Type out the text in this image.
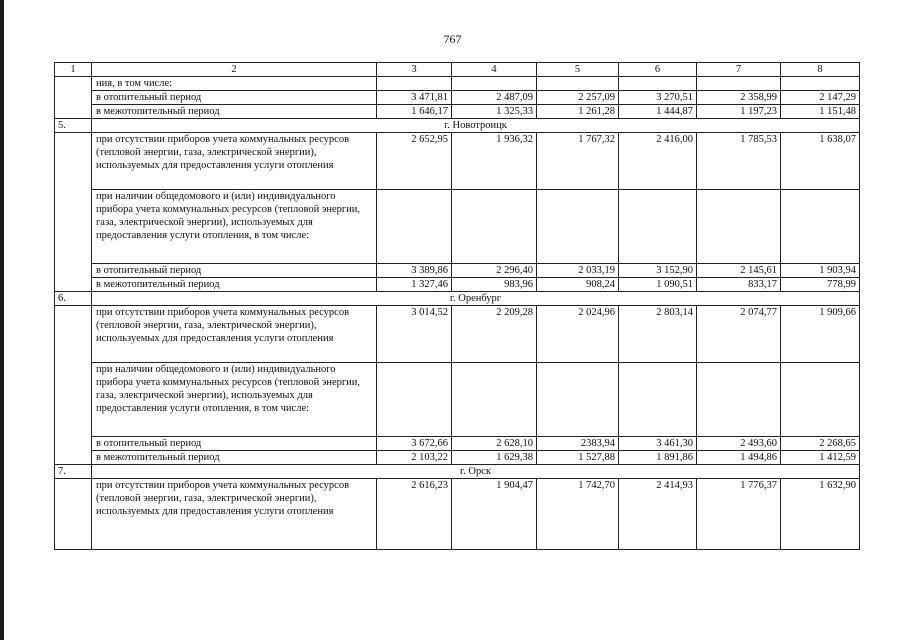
767
1	2	3	4	5	6	7	8
	ния, в том числе:						
	в отопительный период	3 471,81	2 487,09	2 257,09	3 270,51	2 358,99	2 147,29
	в межотопительный период	1 646,17	1 325,33	1 261,28	1 444,87	1 197,23	1 151,48
5.	г. Новотроицк						
	при отсутствии приборов учета коммунальных ресурсов (тепловой энергии, газа, электрической энергии), используемых для предоставления услуги отопления	2 652,95	1 936,32	1 767,32	2 416,00	1 785,53	1 638,07
	при наличии общедомового и (или) индивидуального прибора учета коммунальных ресурсов (тепловой энергии, газа, электрической энергии), используемых для предоставления услуги отопления, в том числе:						
	в отопительный период	3 389,86	2 296,40	2 033,19	3 152,90	2 145,61	1 903,94
	в межотопительный период	1 327,46	983,96	908,24	1 090,51	833,17	778,99
6.	г. Оренбург						
	при отсутствии приборов учета коммунальных ресурсов (тепловой энергии, газа, электрической энергии), используемых для предоставления услуги отопления	3 014,52	2 209,28	2 024,96	2 803,14	2 074,77	1 909,66
	при наличии общедомового и (или) индивидуального прибора учета коммунальных ресурсов (тепловой энергии, газа, электрической энергии), используемых для предоставления услуги отопления, в том числе:						
	в отопительный период	3 672,66	2 628,10	2383,94	3 461,30	2 493,60	2 268,65
	в межотопительный период	2 103,22	1 629,38	1 527,88	1 891,86	1 494,86	1 412,59
7.	г. Орск						
	при отсутствии приборов учета коммунальных ресурсов (тепловой энергии, газа, электрической энергии), используемых для предоставления услуги отопления	2 616,23	1 904,47	1 742,70	2 414,93	1 776,37	1 632,90
